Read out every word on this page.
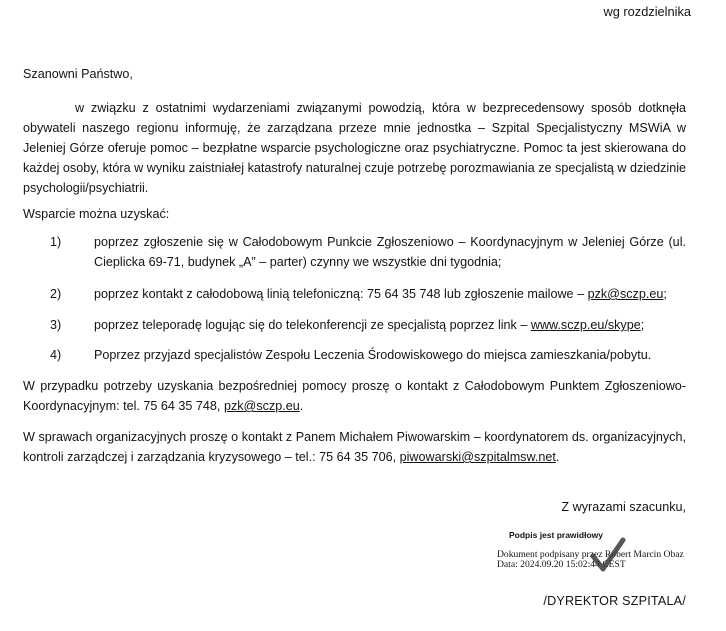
wg rozdzielnika
Szanowni Państwo,
w związku z ostatnimi wydarzeniami związanymi powodzią, która w bezprecedensowy sposób dotknęła obywateli naszego regionu informuję, że zarządzana przeze mnie jednostka – Szpital Specjalistyczny MSWiA w Jeleniej Górze oferuje pomoc – bezpłatne wsparcie psychologiczne oraz psychiatryczne. Pomoc ta jest skierowana do każdej osoby, która w wyniku zaistniałej katastrofy naturalnej czuje potrzebę porozmawiania ze specjalistą w dziedzinie psychologii/psychiatrii.
Wsparcie można uzyskać:
1)	poprzez zgłoszenie się w Całodobowym Punkcie Zgłoszeniowo – Koordynacyjnym w Jeleniej Górze (ul. Cieplicka 69-71, budynek „A” – parter) czynny we wszystkie dni tygodnia;
2)	poprzez kontakt z całodobową linią telefoniczną: 75 64 35 748 lub zgłoszenie mailowe – pzk@sczp.eu;
3)	poprzez teleporadę logując się do telekonferencji ze specjalistą poprzez link – www.sczp.eu/skype;
4)	Poprzez przyjazd specjalistów Zespołu Leczenia Środowiskowego do miejsca zamieszkania/pobytu.
W przypadku potrzeby uzyskania bezpośredniej pomocy proszę o kontakt z Całodobowym Punktem Zgłoszeniowo-Koordynacyjnym: tel. 75 64 35 748, pzk@sczp.eu.
W sprawach organizacyjnych proszę o kontakt z Panem Michałem Piwowarskim – koordynatorem ds. organizacyjnych, kontroli zarządczej i zarządzania kryzysowego – tel.: 75 64 35 706, piwowarski@szpitalmsw.net.
Z wyrazami szacunku,
Podpis jest prawidłowy
Dokument podpisany przez Robert Marcin Obaz
Data: 2024.09.20 15:02:44 CEST
/DYREKTOR SZPITALA/
